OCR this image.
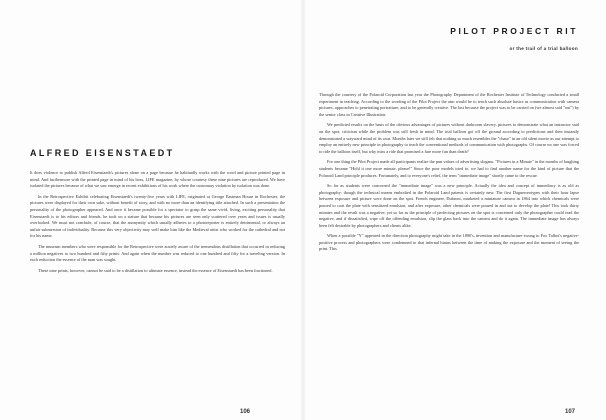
ALFRED EISENSTAEDT

It does violence to publish Alfred Eisenstaedt's pictures alone on a page because he habitually works with the word and picture printed page in mind. And furthermore with the printed page in mind of his boss, LIFE magazine, by whose courtesy these nine pictures are reproduced. We have isolated the pictures because of what we saw emerge in recent exhibitions of his work where the customary violation by isolation was done.

In the Retrospective Exhibit celebrating Eisenstaedt's twenty-five years with LIFE, originated at George Eastman House in Rochester, the pictures were displayed for their own sake, without benefit of story, and with no more than an identifying title attached. In such a presentation the personality of the photographer appeared. And once it became possible for a spectator to grasp the same vivid, living, exciting personality that Eisenstaedt is to his editors and friends, he took on a stature that because his pictures are seen only scattered over years and issues is usually overlooked. We must not conclude, of course, that the anonymity which usually adheres to a photoreporter is entirely detrimental, or always an unfair submersion of individuality. Because this very objectivity may well make him like the Medieval artist who worked for the cathedral and not for his name.

The museum members who were responsible for the Retrospective were acutely aware of the tremendous distillation that occurred in reducing a million negatives to two hundred and fifty prints. And again when the number was reduced to one hundred and fifty for a traveling version. In each reduction the essence of the man was sought.

These nine prints, however, cannot be said to be a distillation to ultimate essence, instead the essence of Eisenstaedt has been fractioned.

106
PILOT PROJECT RIT
or the trail of a trial balloon

Through the courtesy of the Polaroid Corporation last year the Photography Department of the Rochester Institute of Technology conducted a small experiment in teaching. According to the wording of the Pilot Project the aim would be to teach such absolute basics as communication with camera pictures, approaches to penetrating portraiture, and to be generally creative. The last because the project was to be carried on (we almost said "out") by the senior class in Creative Illustration.

We predicted results on the basis of the obvious advantages of pictures without darkroom slavery, pictures to demonstrate what an instructor said on the spot, criticism while the problem was still fresh in mind. The trial balloon got off the ground according to predictions and then instantly demonstrated a wayward mind of its own. Months later we still felt that nothing so much resembles the "chase" in an old silent movie as our attempt to employ an entirely new principle in photography to teach the conventional methods of communication with photographs. Of course no one was forced to ride the balloon itself, but why miss a ride that promised a fare more fun than death?

For one thing the Pilot Project made all participants realize the pun values of advertising slogans. "Pictures in a Minute" in the mouths of laughing students became "Hold it one more minute, please!" Since the poor models tried to, we had to find another name for the kind of picture that the Polaroid Land principle produces. Fortunately, and to everyone's relief, the term "immediate image" shortly came to the rescue.

So far as students were concerned the "immediate image" was a new principle. Actually the idea and concept of immediacy is as old as photography: though the technical means embodied in the Polaroid Land patents is certainly new. The first Daguerreotypes with their hour lapse between exposure and picture were done on the spot. French engineer, Dubroni, marketed a miniature camera in 1864 into which chemicals were poured to coat the plate with sensitized emulsion, and after exposure, other chemicals were poured in and out to develop the plate! This took thirty minutes and the result was a negative; yet so far as the principle of perfecting pictures on the spot is concerned only the photographer could read the negative, and if dissatisfied, wipe off the offending emulsion, slip the glass back into the camera and do it again. The immediate image has always been felt desirable by photographers and clients alike.

When a possible "Y" appeared in the direction photography might take in the 1880's, invention and manufacture swung to Fox Talbot's negative-positive process and photographers were condemned to that infernal hiatus between the time of making the exposure and the moment of seeing the print. This

107
